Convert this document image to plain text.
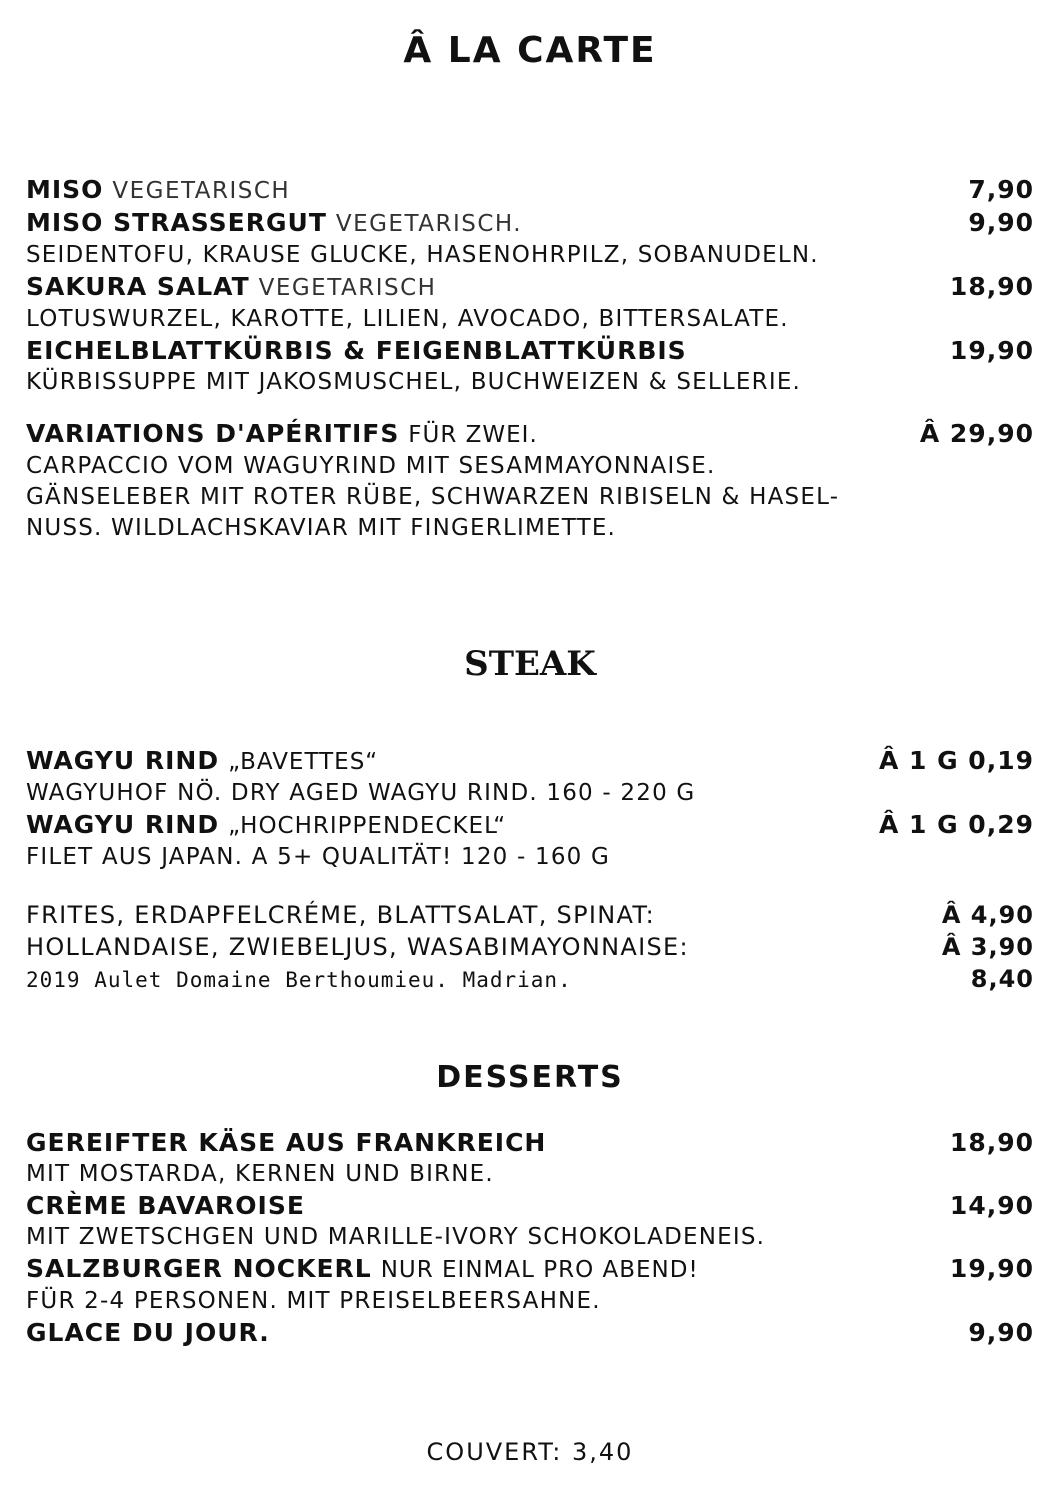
Â LA CARTE
MISO VEGETARISCH	7,90
MISO STRASSERGUT VEGETARISCH.	9,90
SEIDENTOFU, KRAUSE GLUCKE, HASENOHRPILZ, SOBANUDELN.
SAKURA SALAT VEGETARISCH	18,90
LOTUSWURZEL, KAROTTE, LILIEN, AVOCADO, BITTERSALATE.
EICHELBLATTKÜRBIS & FEIGENBLATTKÜRBIS	19,90
KÜRBISSUPPE MIT JAKOSMUSCHEL, BUCHWEIZEN & SELLERIE.
VARIATIONS D'APÉRITIFS FÜR ZWEI.	Â 29,90
CARPACCIO VOM WAGUYRIND MIT SESAMMAYONNAISE.
GÄNSELEBER MIT ROTER RÜBE, SCHWARZEN RIBISELN & HASEL-
NUSS. WILDLACHSKAVIAR MIT FINGERLIMETTE.
STEAK
WAGYU RIND „BAVETTES“	Â 1 G 0,19
WAGYUHOF NÖ. DRY AGED WAGYU RIND. 160 - 220 G
WAGYU RIND „HOCHRIPPENDECKEL“	Â 1 G 0,29
FILET AUS JAPAN. A 5+ QUALITÄT! 120 - 160 G
FRITES, ERDAPFELCRÉME, BLATTSALAT, SPINAT:	Â 4,90
HOLLANDAISE, ZWIEBELJUS, WASABIMAYONNAISE:	Â 3,90
2019 Aulet Domaine Berthoumieu. Madrian.	8,40
DESSERTS
GEREIFTER KÄSE AUS FRANKREICH	18,90
MIT MOSTARDA, KERNEN UND BIRNE.
CRÈME BAVAROISE	14,90
MIT ZWETSCHGEN UND MARILLE-IVORY SCHOKOLADENEIS.
SALZBURGER NOCKERL NUR EINMAL PRO ABEND!	19,90
FÜR 2-4 PERSONEN. MIT PREISELBEERSAHNE.
GLACE DU JOUR.	9,90
COUVERT: 3,40
